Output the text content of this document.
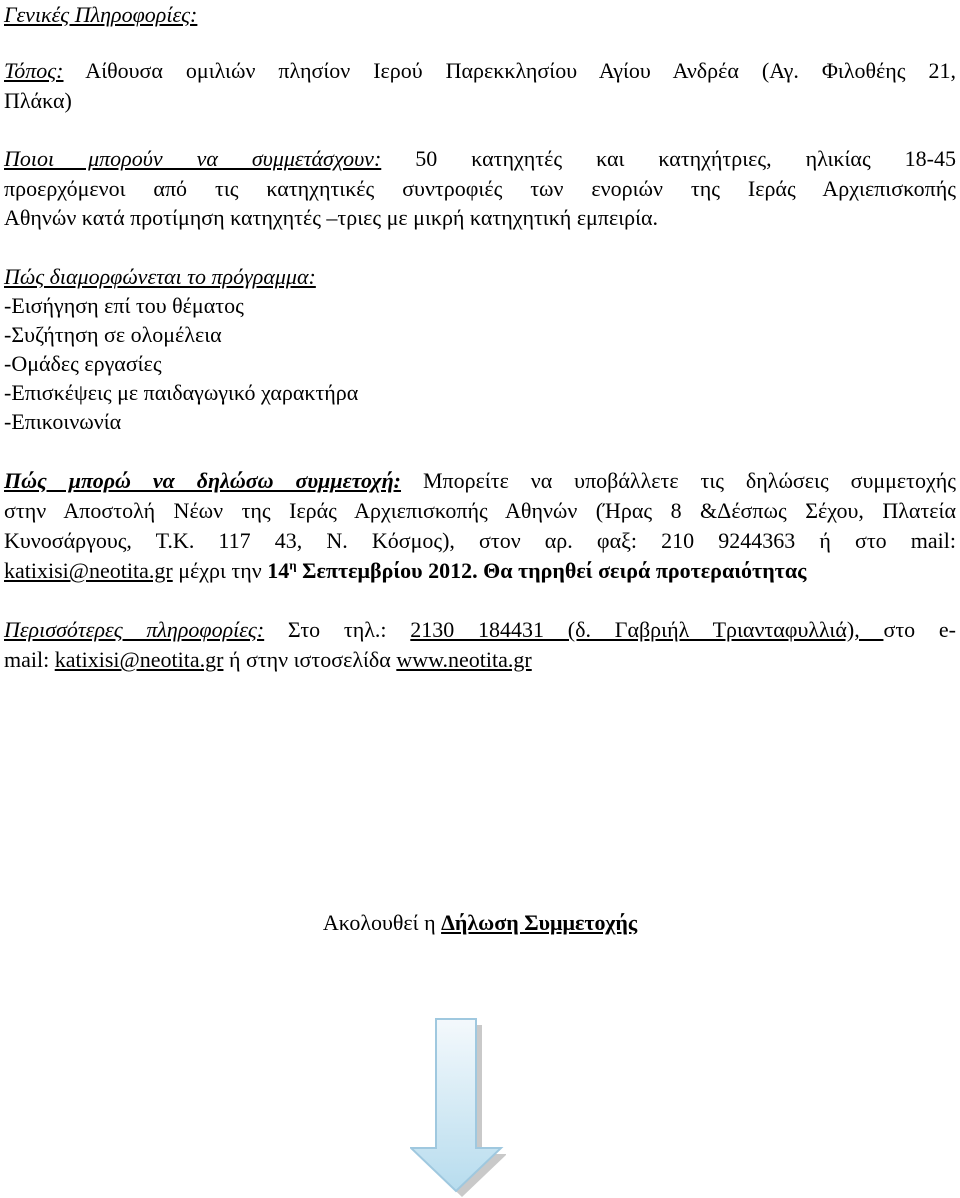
Γενικές Πληροφορίες:
Τόπος: Αίθουσα ομιλιών πλησίον Ιερού Παρεκκλησίου Αγίου Ανδρέα (Αγ. Φιλοθέης 21,
Πλάκα)
Ποιοι μπορούν να συμμετάσχουν: 50 κατηχητές και κατηχήτριες, ηλικίας 18-45
προερχόμενοι από τις κατηχητικές συντροφιές των ενοριών της Ιεράς Αρχιεπισκοπής
Αθηνών κατά προτίμηση κατηχητές –τριες με μικρή κατηχητική εμπειρία.
Πώς διαμορφώνεται το πρόγραμμα:
-Εισήγηση επί του θέματος
-Συζήτηση σε ολομέλεια
-Ομάδες εργασίες
-Επισκέψεις με παιδαγωγικό χαρακτήρα
-Επικοινωνία
Πώς μπορώ να δηλώσω συμμετοχή: Μπορείτε να υποβάλλετε τις δηλώσεις συμμετοχής
στην Αποστολή Νέων της Ιεράς Αρχιεπισκοπής Αθηνών (Ήρας 8 &Δέσπως Σέχου, Πλατεία
Κυνοσάργους, Τ.Κ. 117 43, Ν. Κόσμος), στον αρ. φαξ: 210 9244363 ή στο mail:
katixisi@neotita.gr μέχρι την $14^\eta$ Σεπτεμβρίου 2012. Θα τηρηθεί σειρά προτεραιότητας
Περισσότερες πληροφορίες: Στο τηλ.: 2130 184431 (δ. Γαβριήλ Τριανταφυλλιά), στο e-
mail: katixisi@neotita.gr ή στην ιστοσελίδα www.neotita.gr
Ακολουθεί η Δήλωση Συμμετοχής
